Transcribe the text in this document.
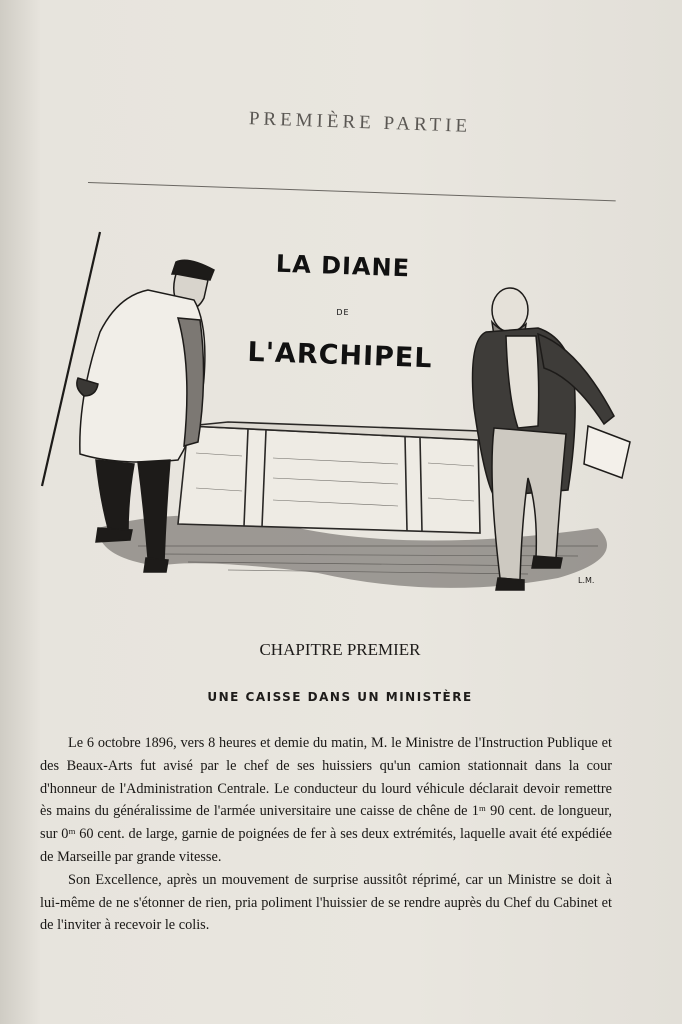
PREMIÈRE PARTIE
LA DIANE
DE
L'ARCHIPEL
L.M.
CHAPITRE PREMIER
UNE CAISSE DANS UN MINISTÈRE

Le 6 octobre 1896, vers 8 heures et demie du matin, M. le Ministre de l'Instruction Publique et des Beaux-Arts fut avisé par le chef de ses huissiers qu'un camion stationnait dans la cour d'honneur de l'Administration Centrale. Le conducteur du lourd véhicule déclarait devoir remettre ès mains du généralissime de l'armée universitaire une caisse de chêne de 1ᵐ 90 cent. de longueur, sur 0ᵐ 60 cent. de large, garnie de poignées de fer à ses deux extrémités, laquelle avait été expédiée de Marseille par grande vitesse.

Son Excellence, après un mouvement de surprise aussitôt réprimé, car un Ministre se doit à lui-même de ne s'étonner de rien, pria poliment l'huissier de se rendre auprès du Chef du Cabinet et de l'inviter à recevoir le colis.
